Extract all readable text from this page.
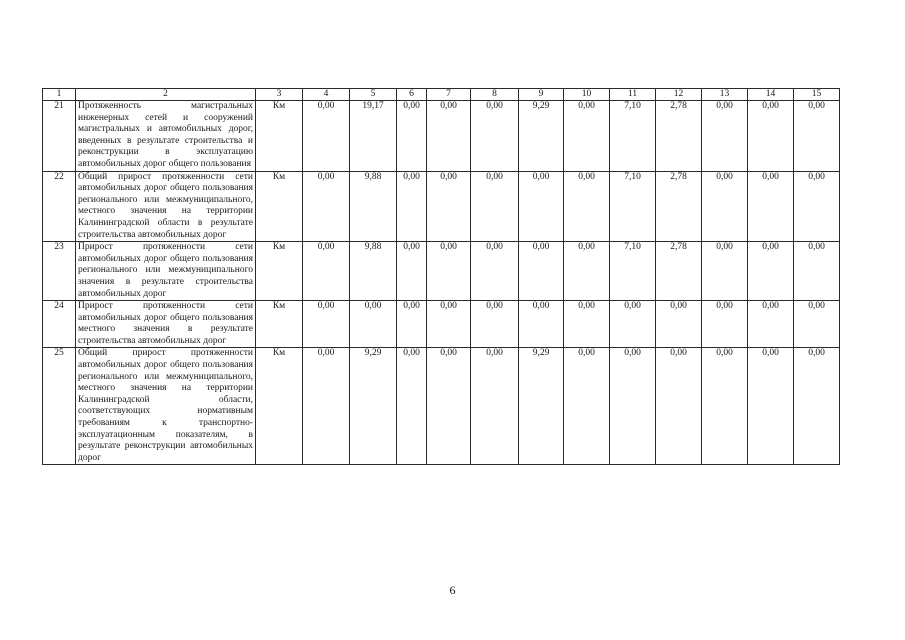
1	2	3	4	5	6	7	8	9	10	11	12	13	14	15
21	Протяженность магистральных инженерных сетей и сооружений магистральных и автомобильных дорог, введенных в результате строительства и реконструкции в эксплуатацию автомобильных дорог общего пользования	Км	0,00	19,17	0,00	0,00	0,00	9,29	0,00	7,10	2,78	0,00	0,00	0,00
22	Общий прирост протяженности сети автомобильных дорог общего пользования регионального или межмуниципального, местного значения на территории Калининградской области в результате строительства автомобильных дорог	Км	0,00	9,88	0,00	0,00	0,00	0,00	0,00	7,10	2,78	0,00	0,00	0,00
23	Прирост протяженности сети автомобильных дорог общего пользования регионального или межмуниципального значения в результате строительства автомобильных дорог	Км	0,00	9,88	0,00	0,00	0,00	0,00	0,00	7,10	2,78	0,00	0,00	0,00
24	Прирост протяженности сети автомобильных дорог общего пользования местного значения в результате строительства автомобильных дорог	Км	0,00	0,00	0,00	0,00	0,00	0,00	0,00	0,00	0,00	0,00	0,00	0,00
25	Общий прирост протяженности автомобильных дорог общего пользования регионального или межмуниципального, местного значения на территории Калининградской области, соответствующих нормативным требованиям к транспортно-эксплуатационным показателям, в результате реконструкции автомобильных дорог	Км	0,00	9,29	0,00	0,00	0,00	9,29	0,00	0,00	0,00	0,00	0,00	0,00
6
